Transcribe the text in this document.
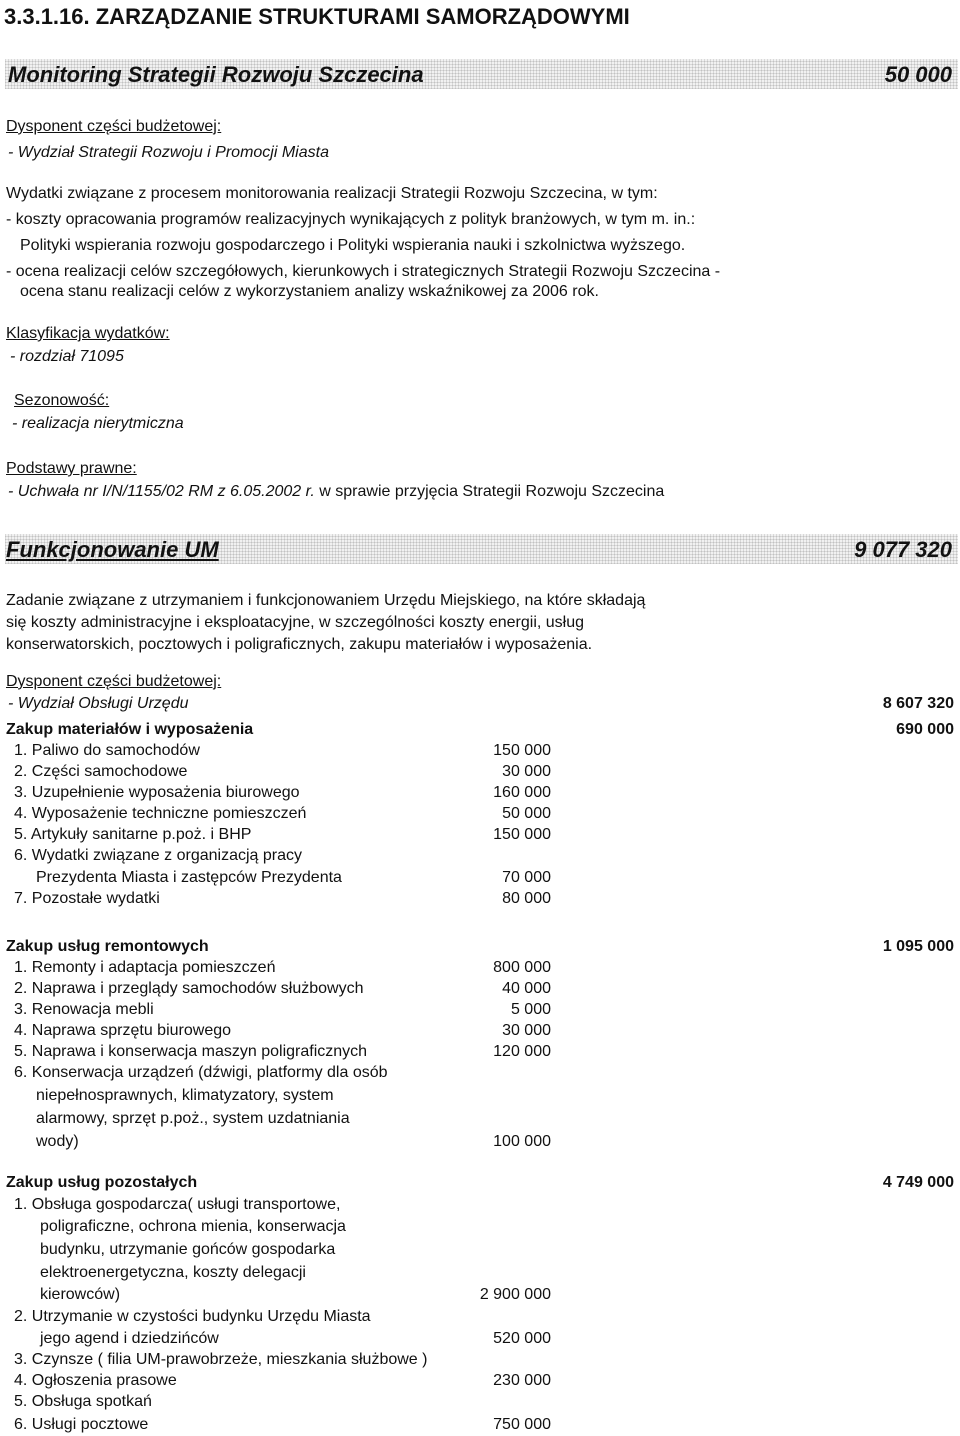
3.3.1.16. ZARZĄDZANIE STRUKTURAMI SAMORZĄDOWYMI
Monitoring Strategii Rozwoju Szczecina	50 000
Dysponent części budżetowej:
- Wydział Strategii Rozwoju i Promocji Miasta
Wydatki związane z procesem monitorowania realizacji Strategii Rozwoju Szczecina, w tym:
- koszty opracowania programów realizacyjnych wynikających z polityk branżowych, w tym m. in.:
Polityki wspierania rozwoju gospodarczego i Polityki wspierania nauki i szkolnictwa wyższego.
- ocena realizacji celów szczegółowych, kierunkowych i strategicznych Strategii Rozwoju Szczecina -
ocena stanu realizacji celów z wykorzystaniem analizy wskaźnikowej za 2006 rok.
Klasyfikacja wydatków:
- rozdział 71095
Sezonowość:
- realizacja nierytmiczna
Podstawy prawne:
- Uchwała nr I/N/1155/02 RM z 6.05.2002 r. w sprawie przyjęcia Strategii Rozwoju Szczecina
Funkcjonowanie UM	9 077 320
Zadanie związane z utrzymaniem i funkcjonowaniem Urzędu Miejskiego, na które składają
się koszty administracyjne i eksploatacyjne, w szczególności koszty energii, usług
konserwatorskich, pocztowych i poligraficznych, zakupu materiałów i wyposażenia.
Dysponent części budżetowej:
- Wydział Obsługi Urzędu	8 607 320
Zakup materiałów i wyposażenia	690 000
1. Paliwo do samochodów	150 000
2. Części samochodowe	30 000
3. Uzupełnienie wyposażenia biurowego	160 000
4. Wyposażenie techniczne pomieszczeń	50 000
5. Artykuły sanitarne p.poż. i BHP	150 000
6. Wydatki związane z organizacją pracy
Prezydenta Miasta i zastępców Prezydenta	70 000
7. Pozostałe wydatki	80 000
Zakup usług remontowych	1 095 000
1. Remonty i adaptacja pomieszczeń	800 000
2. Naprawa i przeglądy samochodów służbowych	40 000
3. Renowacja mebli	5 000
4. Naprawa sprzętu biurowego	30 000
5. Naprawa i konserwacja maszyn poligraficznych	120 000
6. Konserwacja urządzeń (dźwigi, platformy dla osób
niepełnosprawnych, klimatyzatory, system
alarmowy, sprzęt p.poż., system uzdatniania
wody)	100 000
Zakup usług pozostałych	4 749 000
1. Obsługa gospodarcza( usługi transportowe,
poligraficzne, ochrona mienia, konserwacja
budynku, utrzymanie gońców gospodarka
elektroenergetyczna, koszty delegacji
kierowców)	2 900 000
2. Utrzymanie w czystości budynku Urzędu Miasta
jego agend i dziedzińców	520 000
3. Czynsze ( filia UM-prawobrzeże, mieszkania służbowe )
4. Ogłoszenia prasowe	230 000
5. Obsługa spotkań
6. Usługi pocztowe	750 000
